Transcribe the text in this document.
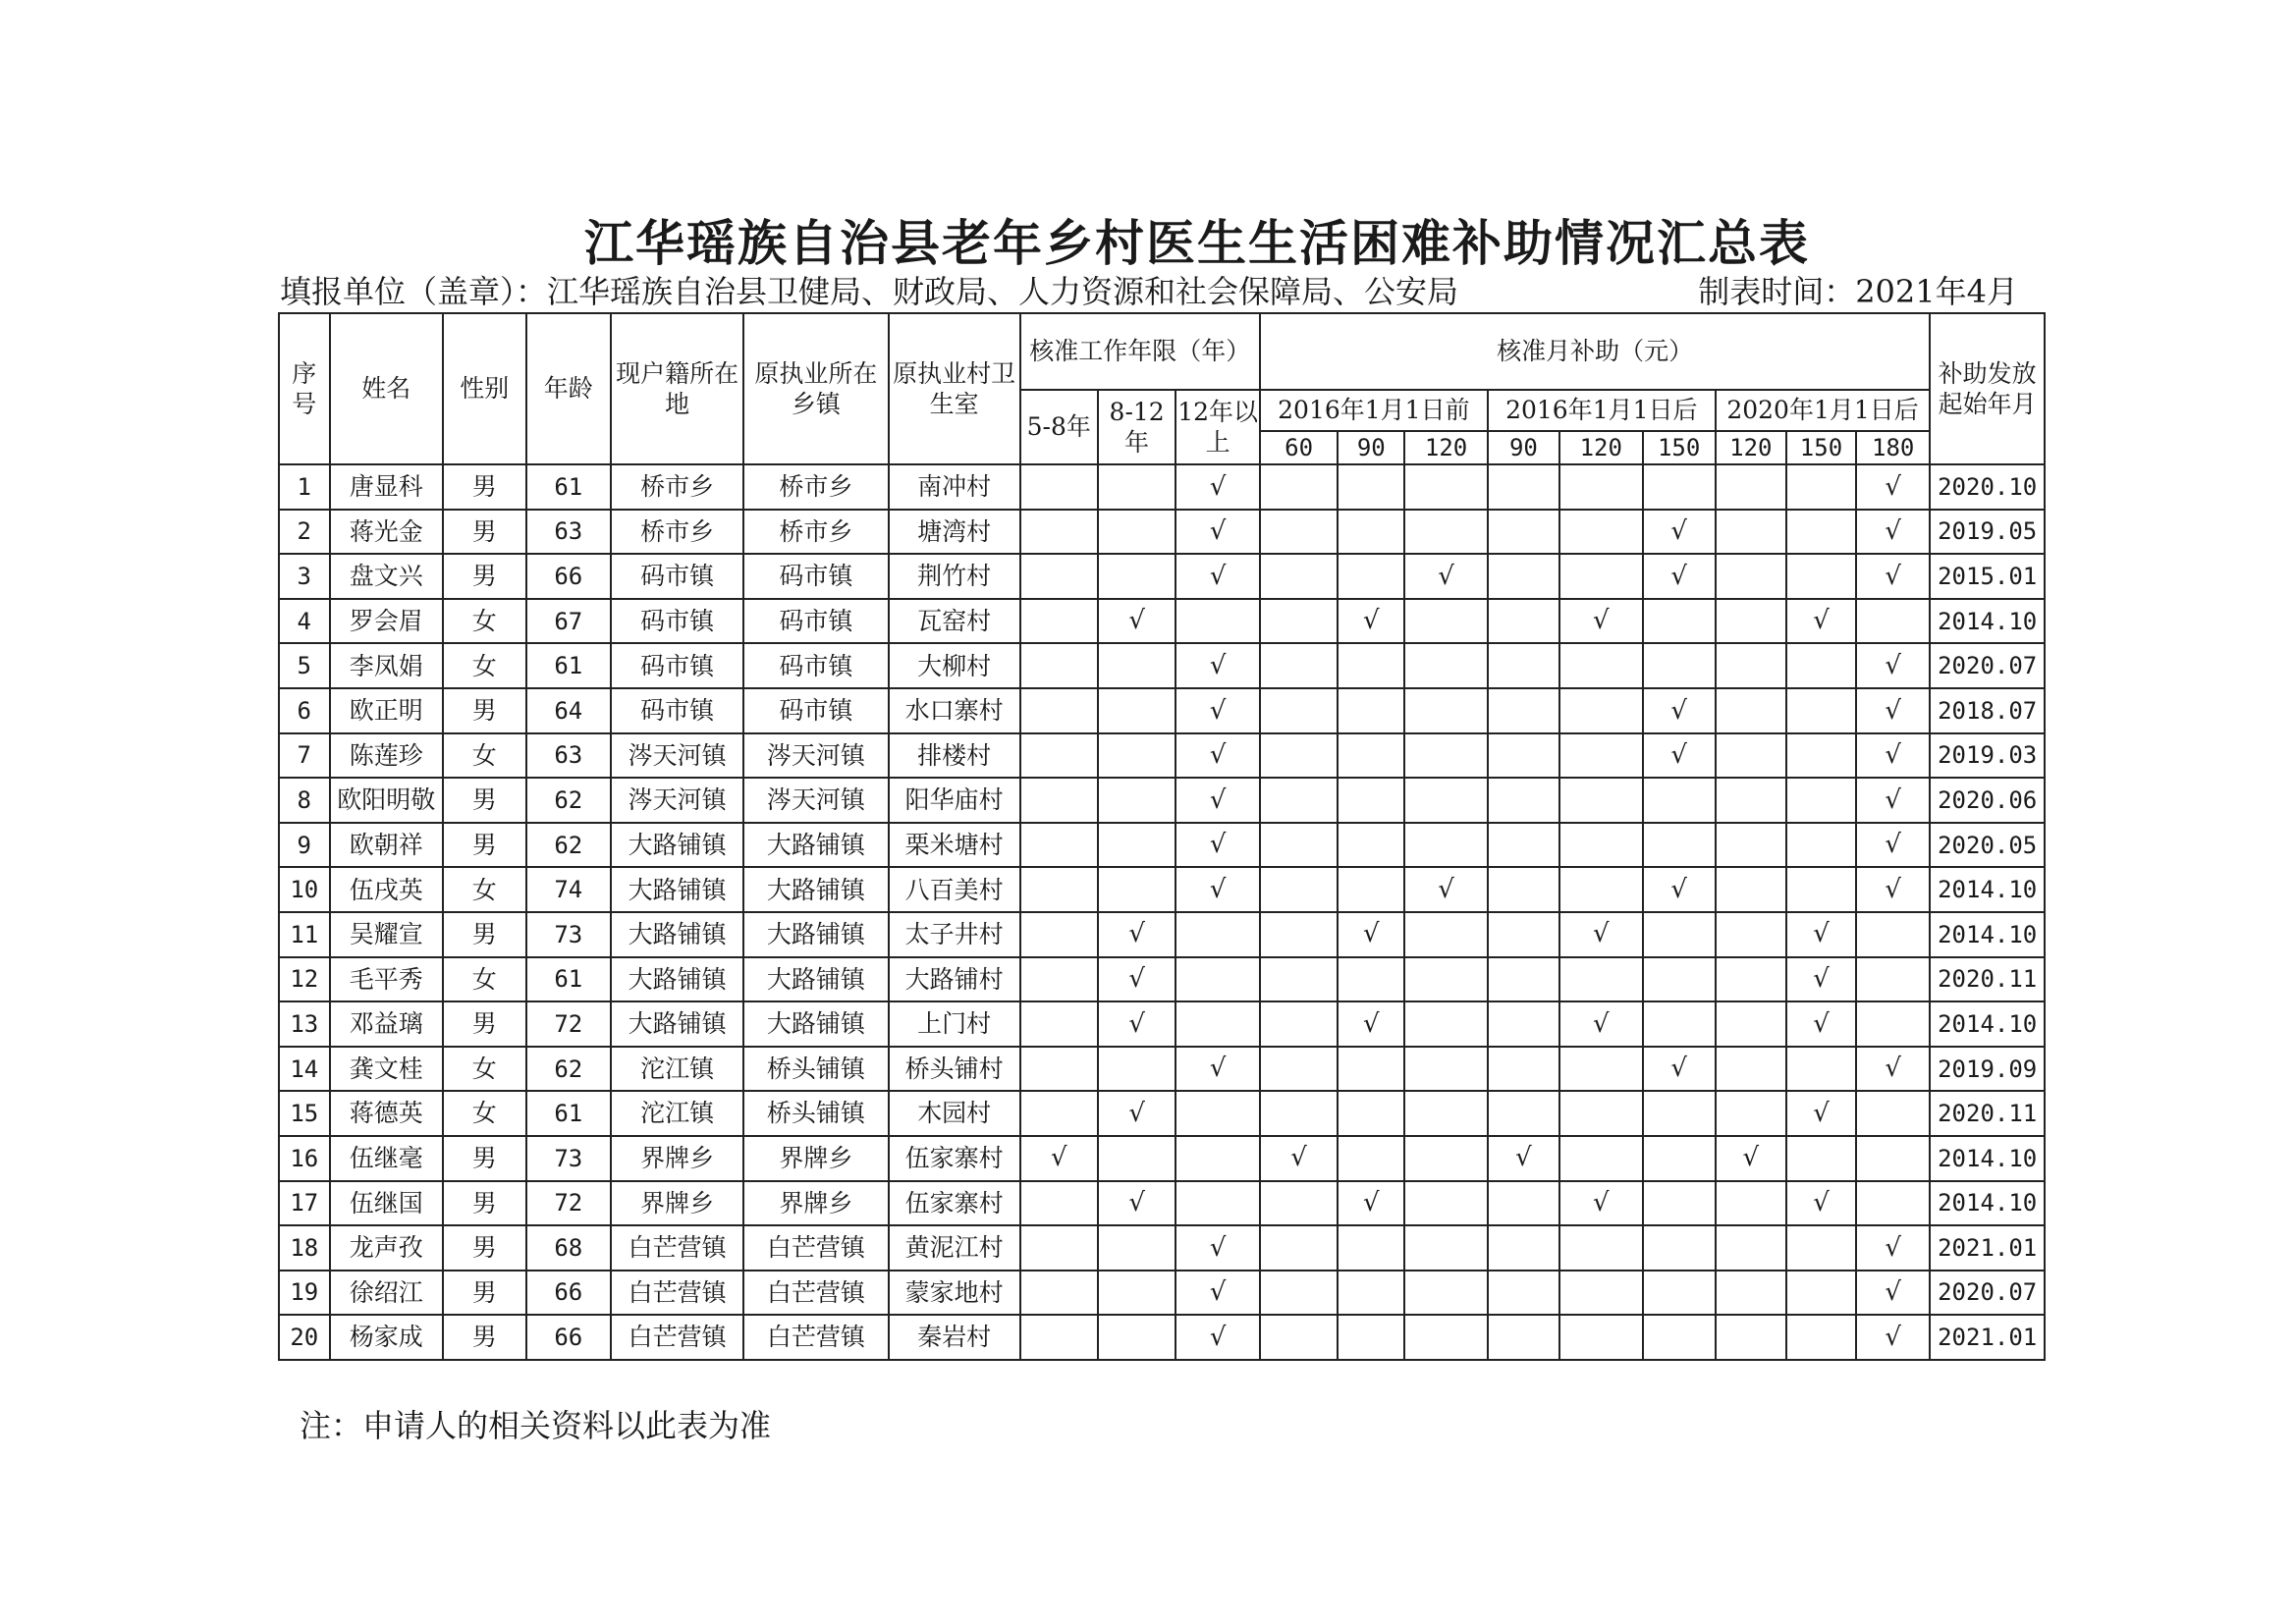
江华瑶族自治县老年乡村医生生活困难补助情况汇总表
填报单位（盖章）：江华瑶族自治县卫健局、财政局、人力资源和社会保障局、公安局	制表时间：2021年4月
序号	姓名	性别	年龄	现户籍所在地	原执业所在乡镇	原执业村卫生室	核准工作年限（年）			核准月补助（元）									补助发放起始年月
							5-8年	8-12年	12年以上	2016年1月1日前			2016年1月1日后			2020年1月1日后			
										60	90	120	90	120	150	120	150	180	
1	唐显科	男	61	桥市乡	桥市乡	南冲村			√									√	2020.10
2	蒋光金	男	63	桥市乡	桥市乡	塘湾村			√						√			√	2019.05
3	盘文兴	男	66	码市镇	码市镇	荆竹村			√			√			√			√	2015.01
4	罗会眉	女	67	码市镇	码市镇	瓦窑村		√			√			√			√		2014.10
5	李凤娟	女	61	码市镇	码市镇	大柳村			√									√	2020.07
6	欧正明	男	64	码市镇	码市镇	水口寨村			√						√			√	2018.07
7	陈莲珍	女	63	涔天河镇	涔天河镇	排楼村			√						√			√	2019.03
8	欧阳明敬	男	62	涔天河镇	涔天河镇	阳华庙村			√									√	2020.06
9	欧朝祥	男	62	大路铺镇	大路铺镇	栗米塘村			√									√	2020.05
10	伍戌英	女	74	大路铺镇	大路铺镇	八百美村			√			√			√			√	2014.10
11	吴耀宣	男	73	大路铺镇	大路铺镇	太子井村		√			√			√			√		2014.10
12	毛平秀	女	61	大路铺镇	大路铺镇	大路铺村		√									√		2020.11
13	邓益璃	男	72	大路铺镇	大路铺镇	上门村		√			√			√			√		2014.10
14	龚文桂	女	62	沱江镇	桥头铺镇	桥头铺村			√						√			√	2019.09
15	蒋德英	女	61	沱江镇	桥头铺镇	木园村		√									√		2020.11
16	伍继毫	男	73	界牌乡	界牌乡	伍家寨村	√			√			√			√			2014.10
17	伍继国	男	72	界牌乡	界牌乡	伍家寨村		√			√			√			√		2014.10
18	龙声孜	男	68	白芒营镇	白芒营镇	黄泥江村			√									√	2021.01
19	徐绍江	男	66	白芒营镇	白芒营镇	蒙家地村			√									√	2020.07
20	杨家成	男	66	白芒营镇	白芒营镇	秦岩村			√									√	2021.01
注：申请人的相关资料以此表为准
